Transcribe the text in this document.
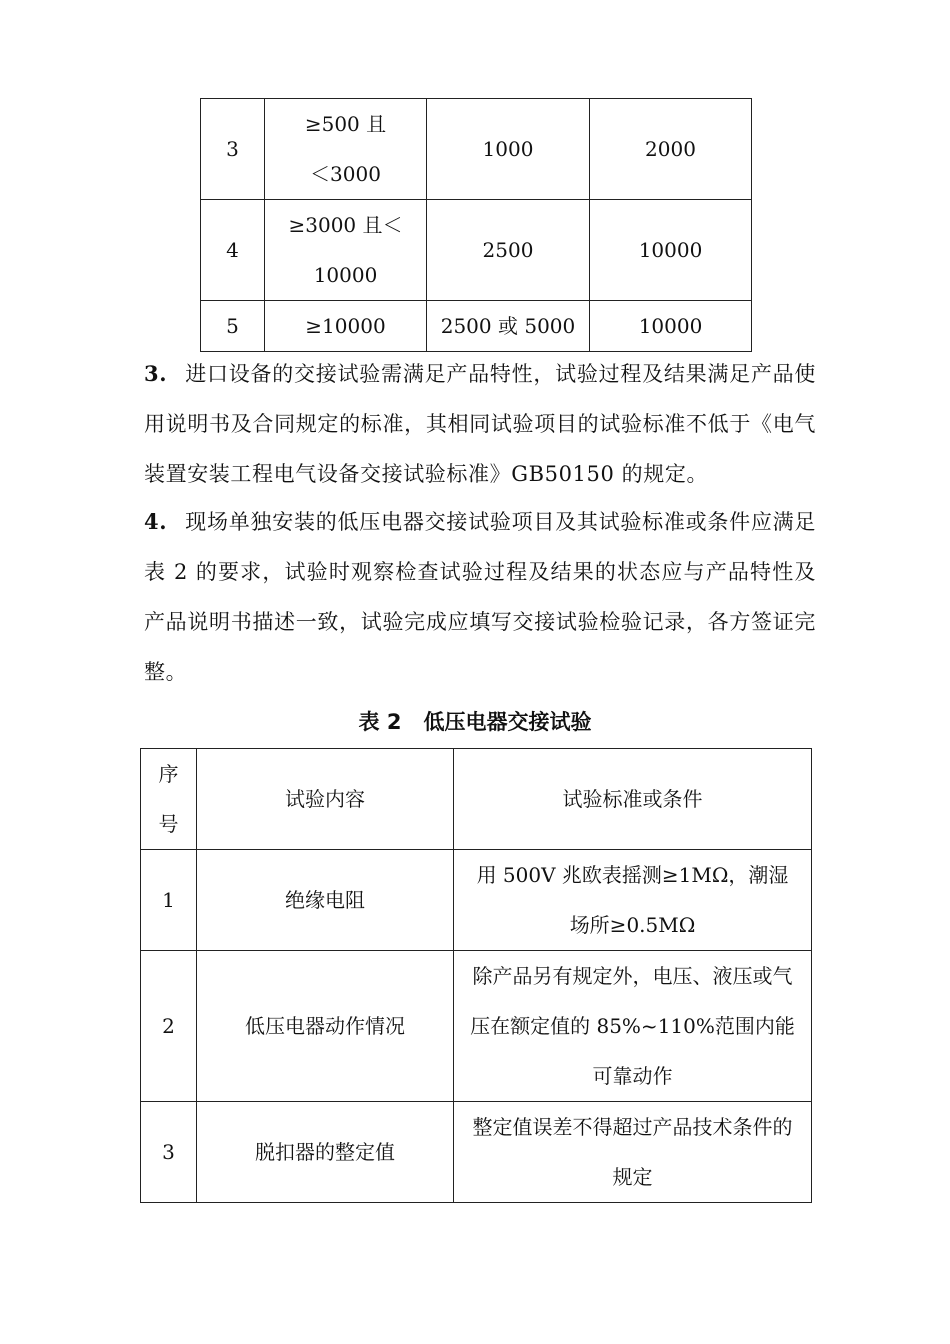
3	≥500 且＜3000	1000	2000
4	≥3000 且＜10000	2500	10000
5	≥10000	2500 或 5000	10000

3. 进口设备的交接试验需满足产品特性，试验过程及结果满足产品使用说明书及合同规定的标准，其相同试验项目的试验标准不低于《电气装置安装工程电气设备交接试验标准》GB50150 的规定。

4. 现场单独安装的低压电器交接试验项目及其试验标准或条件应满足表 2 的要求，试验时观察检查试验过程及结果的状态应与产品特性及产品说明书描述一致，试验完成应填写交接试验检验记录，各方签证完整。

表 2 低压电器交接试验
序号	试验内容	试验标准或条件
1	绝缘电阻	用 500V 兆欧表摇测≥1MΩ，潮湿场所≥0.5MΩ
2	低压电器动作情况	除产品另有规定外，电压、液压或气压在额定值的 85%~110%范围内能可靠动作
3	脱扣器的整定值	整定值误差不得超过产品技术条件的规定
